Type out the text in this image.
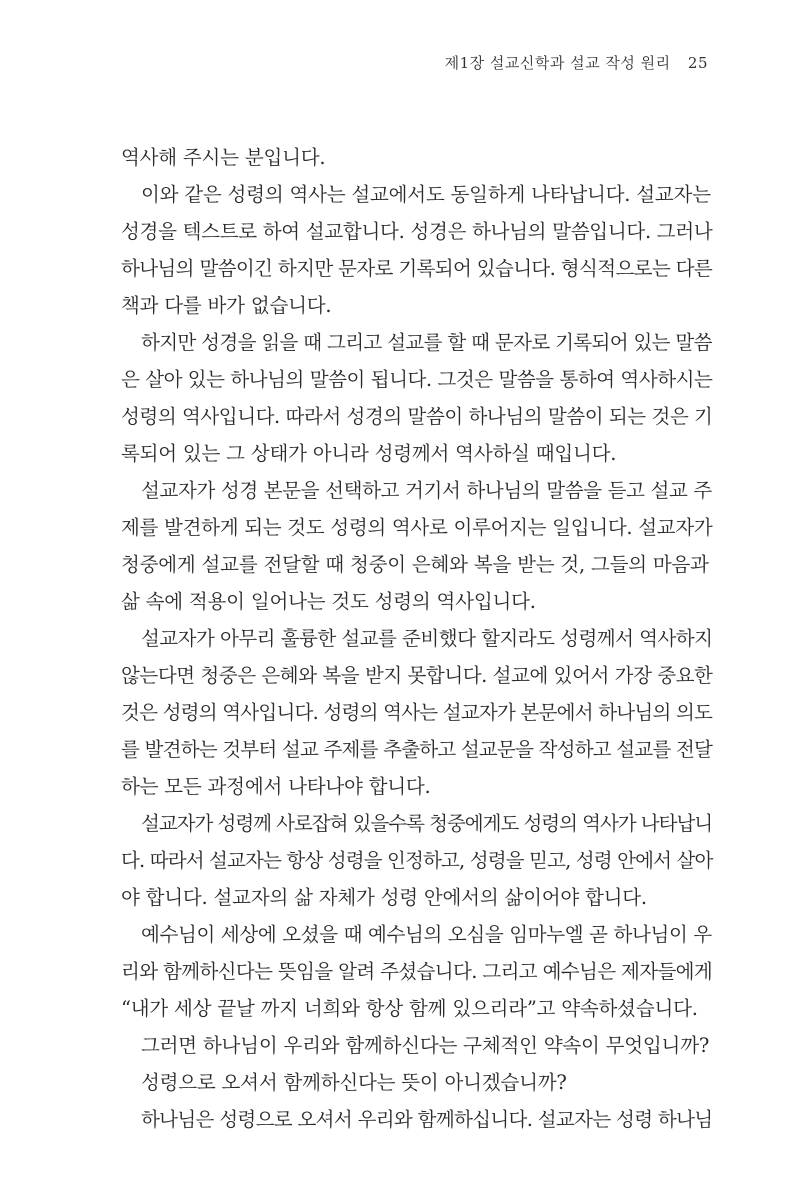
제1장 설교신학과 설교 작성 원리 25
역사해 주시는 분입니다.
이와 같은 성령의 역사는 설교에서도 동일하게 나타납니다. 설교자는
성경을 텍스트로 하여 설교합니다. 성경은 하나님의 말씀입니다. 그러나
하나님의 말씀이긴 하지만 문자로 기록되어 있습니다. 형식적으로는 다른
책과 다를 바가 없습니다.
하지만 성경을 읽을 때 그리고 설교를 할 때 문자로 기록되어 있는 말씀
은 살아 있는 하나님의 말씀이 됩니다. 그것은 말씀을 통하여 역사하시는
성령의 역사입니다. 따라서 성경의 말씀이 하나님의 말씀이 되는 것은 기
록되어 있는 그 상태가 아니라 성령께서 역사하실 때입니다.
설교자가 성경 본문을 선택하고 거기서 하나님의 말씀을 듣고 설교 주
제를 발견하게 되는 것도 성령의 역사로 이루어지는 일입니다. 설교자가
청중에게 설교를 전달할 때 청중이 은혜와 복을 받는 것, 그들의 마음과
삶 속에 적용이 일어나는 것도 성령의 역사입니다.
설교자가 아무리 훌륭한 설교를 준비했다 할지라도 성령께서 역사하지
않는다면 청중은 은혜와 복을 받지 못합니다. 설교에 있어서 가장 중요한
것은 성령의 역사입니다. 성령의 역사는 설교자가 본문에서 하나님의 의도
를 발견하는 것부터 설교 주제를 추출하고 설교문을 작성하고 설교를 전달
하는 모든 과정에서 나타나야 합니다.
설교자가 성령께 사로잡혀 있을수록 청중에게도 성령의 역사가 나타납니
다. 따라서 설교자는 항상 성령을 인정하고, 성령을 믿고, 성령 안에서 살아
야 합니다. 설교자의 삶 자체가 성령 안에서의 삶이어야 합니다.
예수님이 세상에 오셨을 때 예수님의 오심을 임마누엘 곧 하나님이 우
리와 함께하신다는 뜻임을 알려 주셨습니다. 그리고 예수님은 제자들에게
“내가 세상 끝날 까지 너희와 항상 함께 있으리라”고 약속하셨습니다.
그러면 하나님이 우리와 함께하신다는 구체적인 약속이 무엇입니까?
성령으로 오셔서 함께하신다는 뜻이 아니겠습니까?
하나님은 성령으로 오셔서 우리와 함께하십니다. 설교자는 성령 하나님
